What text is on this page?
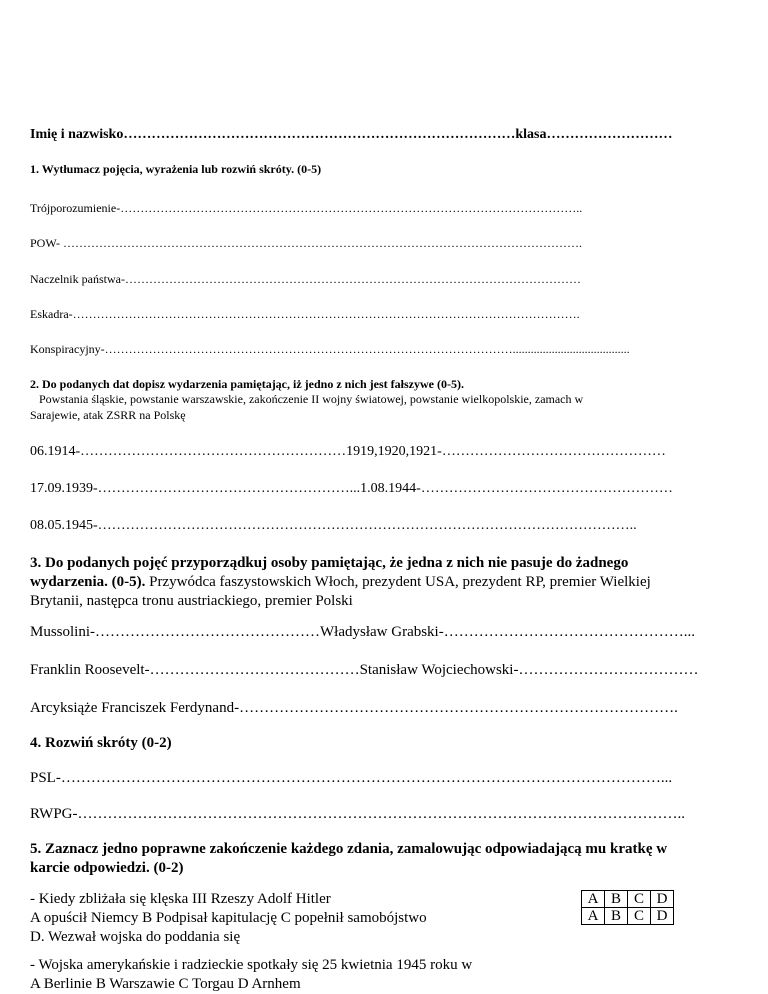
Imię i nazwisko…………………………………………………………………………klasa………………………
1. Wytłumacz pojęcia, wyrażenia lub rozwiń skróty. (0-5)
Trójporozumienie-……………………………………………………………………………………………………..
POW- ………………………………………………………………………………………………………………….
Naczelnik państwa-……………………………………………………………………………………………………
Eskadra-……………………………………………………………………………………………………………….
Konspiracyjny-………………………………………………………………………………………….......................................
2. Do podanych dat dopisz wydarzenia pamiętając, iż jedno z nich jest fałszywe (0-5).
Powstania śląskie, powstanie warszawskie, zakończenie II wojny światowej, powstanie wielkopolskie, zamach w
Sarajewie, atak ZSRR na Polskę
06.1914-…………………………………………………1919,1920,1921-…………………………………………
17.09.1939-………………………………………………...1.08.1944-………………………………………………
08.05.1945-……………………………………………………………………………………………………..
3. Do podanych pojęć przyporządkuj osoby pamiętając, że jedna z nich nie pasuje do żadnego
wydarzenia. (0-5). Przywódca faszystowskich Włoch, prezydent USA, prezydent RP, premier Wielkiej
Brytanii, następca tronu austriackiego, premier Polski
Mussolini-………………………………………Władysław Grabski-…………………………………………...
Franklin Roosevelt-……………………………………Stanisław Wojciechowski-………………………………
Arcyksiąże Franciszek Ferdynand-…………………………………………………………………………….
4. Rozwiń skróty (0-2)
PSL-…………………………………………………………………………………………………………...
RWPG-…………………………………………………………………………………………………………..
5. Zaznacz jedno poprawne zakończenie każdego zdania, zamalowując odpowiadającą mu kratkę w
karcie odpowiedzi. (0-2)
- Kiedy zbliżała się klęska III Rzeszy Adolf Hitler
A opuścił Niemcy B Podpisał kapitulację C popełnił samobójstwo
D. Wezwał wojska do poddania się
A	B	C	D
A	B	C	D
- Wojska amerykańskie i radzieckie spotkały się 25 kwietnia 1945 roku w
A Berlinie B Warszawie C Torgau D Arnhem
